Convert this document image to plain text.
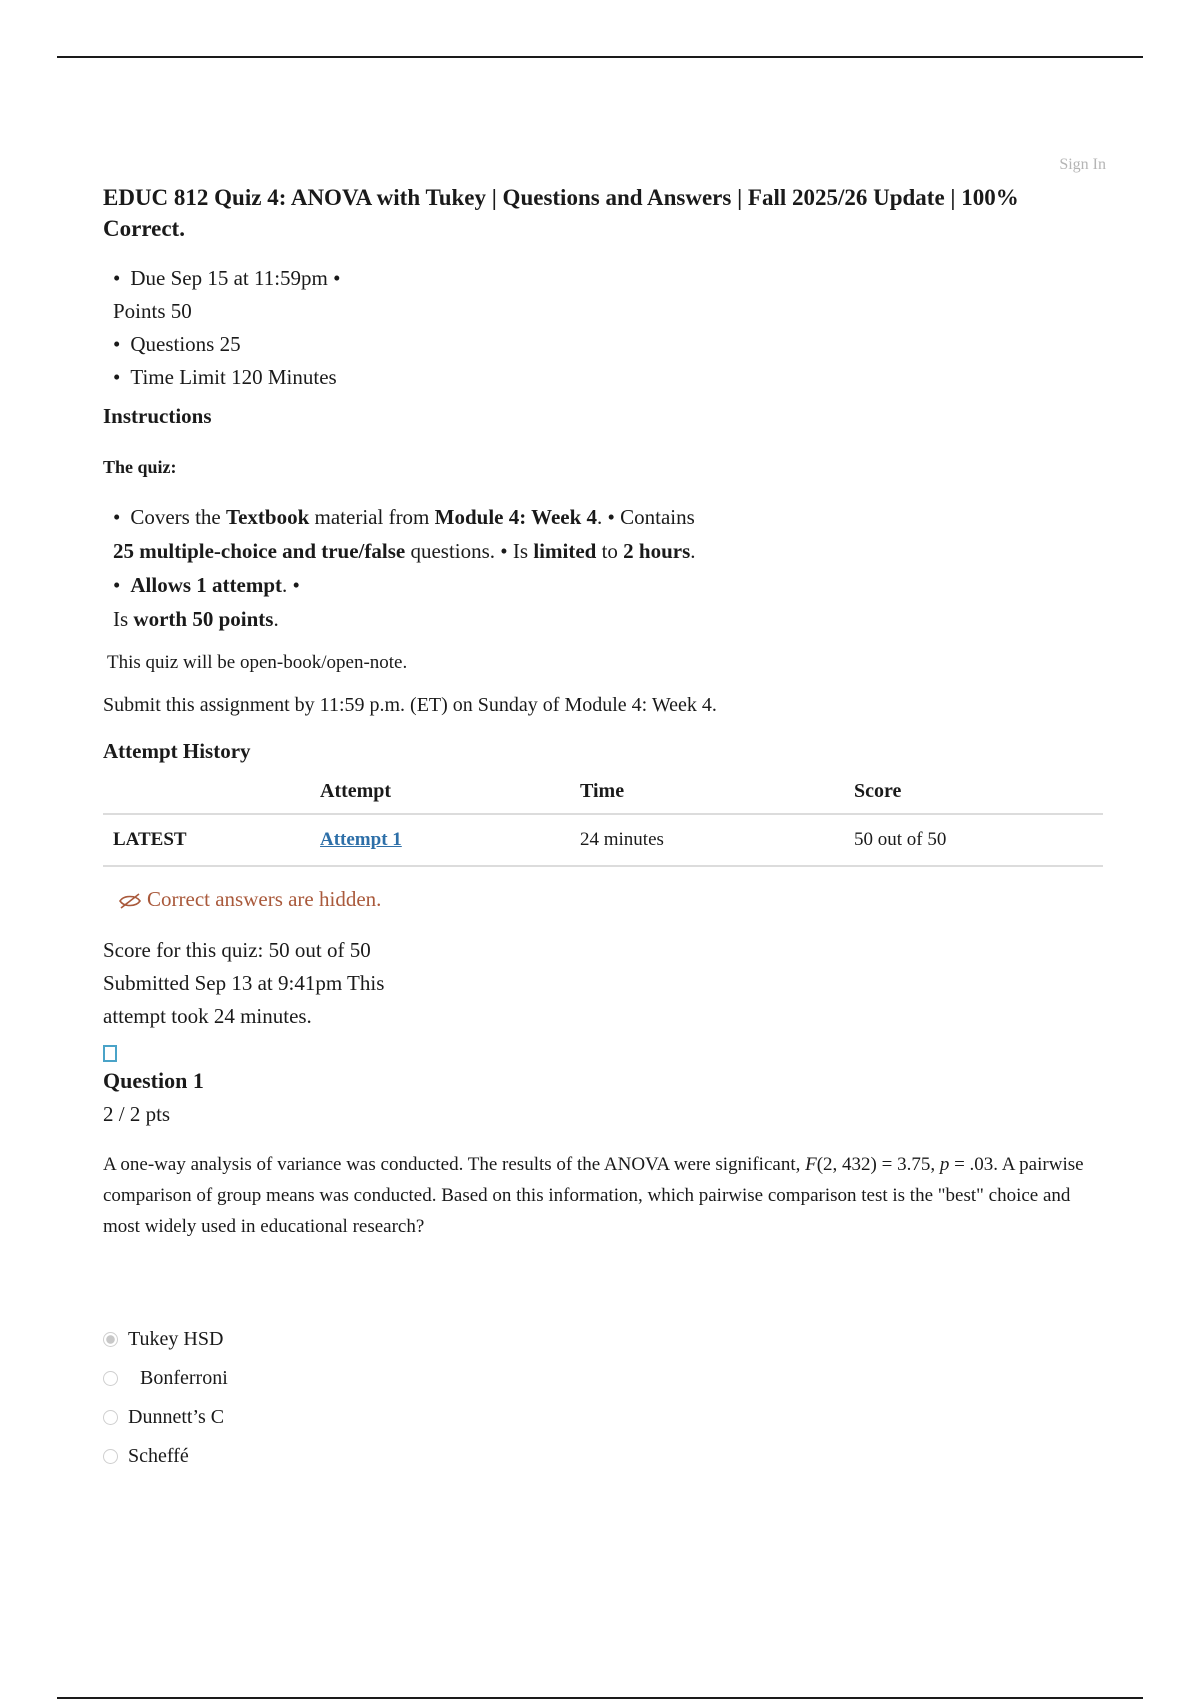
Sign In
EDUC 812 Quiz 4: ANOVA with Tukey | Questions and Answers | Fall 2025/26 Update | 100% Correct.
• Due Sep 15 at 11:59pm •
Points 50
• Questions 25
• Time Limit 120 Minutes
Instructions
The quiz:
• Covers the Textbook material from Module 4: Week 4. • Contains 25 multiple-choice and true/false questions. • Is limited to 2 hours.
• Allows 1 attempt. •
Is worth 50 points.
This quiz will be open-book/open-note.
Submit this assignment by 11:59 p.m. (ET) on Sunday of Module 4: Week 4.
Attempt History
	Attempt	Time	Score
LATEST	Attempt 1	24 minutes	50 out of 50
Correct answers are hidden.
Score for this quiz: 50 out of 50
Submitted Sep 13 at 9:41pm This attempt took 24 minutes.
Question 1
2 / 2 pts
A one-way analysis of variance was conducted. The results of the ANOVA were significant, F(2, 432) = 3.75, p = .03. A pairwise comparison of group means was conducted. Based on this information, which pairwise comparison test is the "best" choice and most widely used in educational research?
Tukey HSD
Bonferroni
Dunnett’s C
Scheffé
